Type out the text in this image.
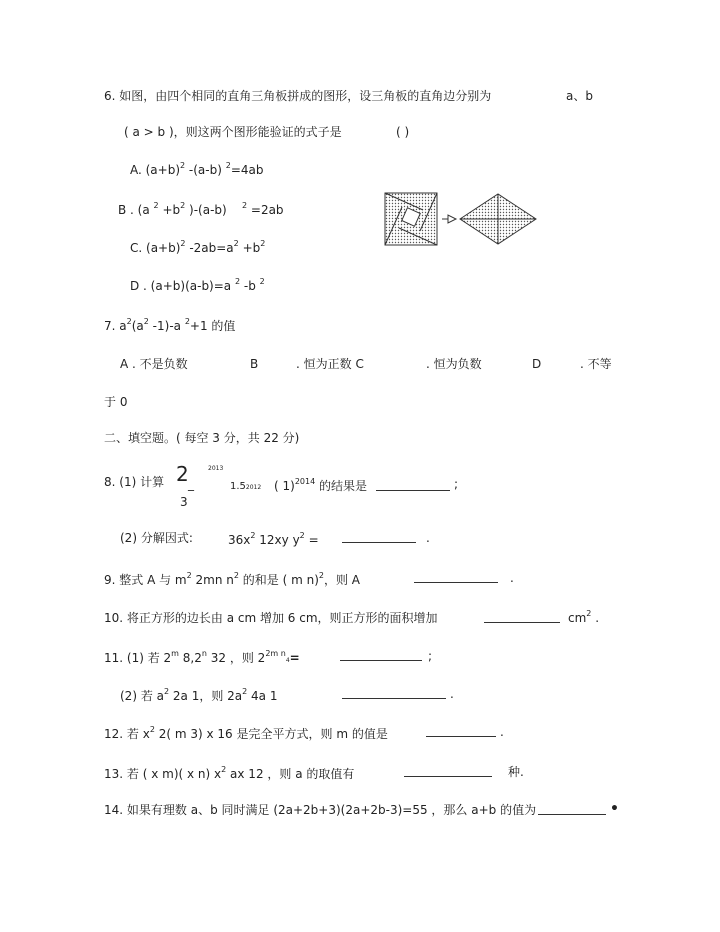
6. 如图，由四个相同的直角三角板拼成的图形，设三角板的直角边分别为	a、b
( a > b )，则这两个图形能验证的式子是	( )
A. $(a+b)^2$ -(a-b) $^2$=4ab
B . (a $^2 +b^2$ )-(a-b) $^2$ =2ab
C. $(a+b)^2$ $-2ab=a^2 +b^2$
D . (a+b)(a-b)=a $^2$ -b $^2$
7. $a^2(a^2$ -1)-a $^2$+1 的值
A . 不是负数	B	. 恒为正数 C	. 恒为负数	D	. 不等
于 0
二、填空题。( 每空 3 分，共 22 分)
8. (1) 计算 2 _
3
2013
1.52012 ( 1)$^{2014}$ 的结果是	;
(2) 分解因式:	$36x^2$ 12xy $y^2$ =	.
9. 整式 A 与 $m^2$ 2mn $n^2$ 的和是 ( m n)$^2$，则 A	.
10. 将正方形的边长由 a cm 增加 6 cm，则正方形的面积增加	$cm^2$ .
11. (1) 若 2$^m$ 8,2$^n$ 32 ，则 $2^{2m n}4=$	;
(2) 若 $a^2$ 2a 1，则 $2a^2$ 4a 1	.
12. 若 $x^2$ 2( m 3) x 16 是完全平方式，则 m 的值是	.
13. 若 ( x m)( x n) $x^2$ ax 12 ，则 a 的取值有	种.
14. 如果有理数 a、b 同时满足 (2a+2b+3)(2a+2b-3)=55 ，那么 a+b 的值为	•
